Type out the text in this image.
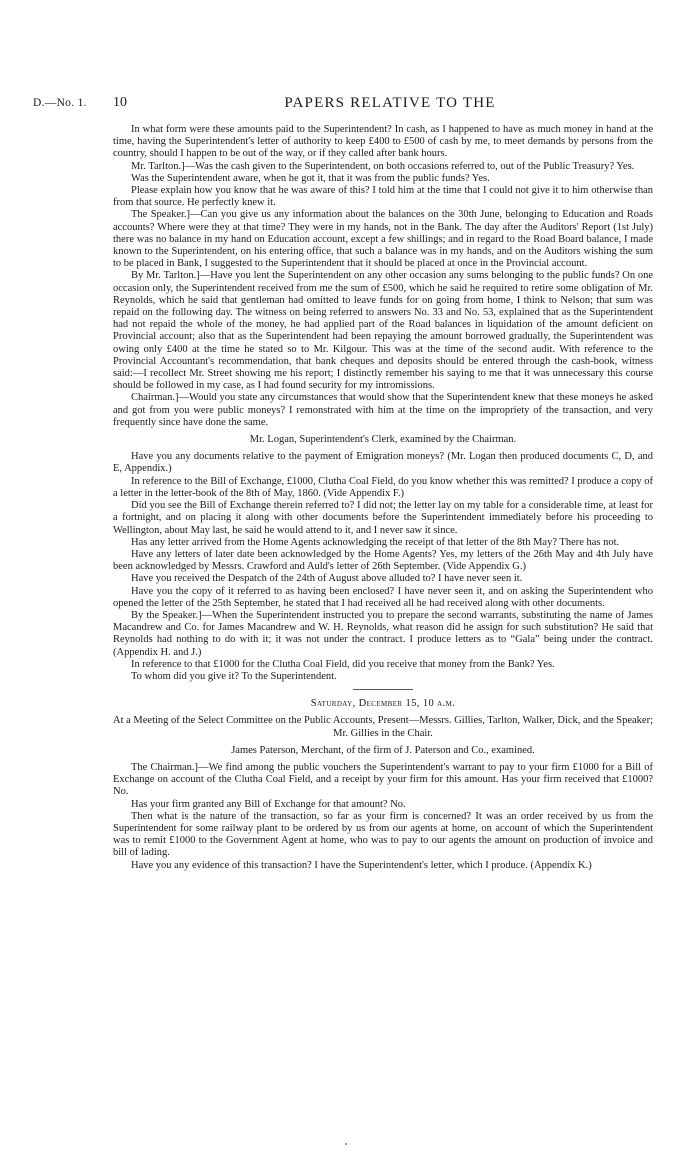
D.—No. 1. 10	PAPERS RELATIVE TO THE

In what form were these amounts paid to the Superintendent? In cash, as I happened to have as much money in hand at the time, having the Superintendent's letter of authority to keep £400 to £500 of cash by me, to meet demands by persons from the country, should I happen to be out of the way, or if they called after bank hours.

Mr. Tarlton.]—Was the cash given to the Superintendent, on both occasions referred to, out of the Public Treasury? Yes.

Was the Superintendent aware, when he got it, that it was from the public funds? Yes.

Please explain how you know that he was aware of this? I told him at the time that I could not give it to him otherwise than from that source. He perfectly knew it.

The Speaker.]—Can you give us any information about the balances on the 30th June, belonging to Education and Roads accounts? Where were they at that time? They were in my hands, not in the Bank. The day after the Auditors' Report (1st July) there was no balance in my hand on Education account, except a few shillings; and in regard to the Road Board balance, I made known to the Superintendent, on his entering office, that such a balance was in my hands, and on the Auditors wishing the sum to be placed in Bank, I suggested to the Superintendent that it should be placed at once in the Provincial account.

By Mr. Tarlton.]—Have you lent the Superintendent on any other occasion any sums belonging to the public funds? On one occasion only, the Superintendent received from me the sum of £500, which he said he required to retire some obligation of Mr. Reynolds, which he said that gentleman had omitted to leave funds for on going from home, I think to Nelson; that sum was repaid on the following day. The witness on being referred to answers No. 33 and No. 53, explained that as the Superintendent had not repaid the whole of the money, he had applied part of the Road balances in liquidation of the amount deficient on Provincial account; also that as the Superintendent had been repaying the amount borrowed gradually, the Superintendent was owing only £400 at the time he stated so to Mr. Kilgour. This was at the time of the second audit. With reference to the Provincial Accountant's recommendation, that bank cheques and deposits should be entered through the cash-book, witness said:—I recollect Mr. Street showing me his report; I distinctly remember his saying to me that it was unnecessary this course should be followed in my case, as I had found security for my intromissions.

Chairman.]—Would you state any circumstances that would show that the Superintendent knew that these moneys he asked and got from you were public moneys? I remonstrated with him at the time on the impropriety of the transaction, and very frequently since have done the same.

Mr. Logan, Superintendent's Clerk, examined by the Chairman.

Have you any documents relative to the payment of Emigration moneys? (Mr. Logan then produced documents C, D, and E, Appendix.)

In reference to the Bill of Exchange, £1000, Clutha Coal Field, do you know whether this was remitted? I produce a copy of a letter in the letter-book of the 8th of May, 1860. (Vide Appendix F.)

Did you see the Bill of Exchange therein referred to? I did not; the letter lay on my table for a considerable time, at least for a fortnight, and on placing it along with other documents before the Superintendent immediately before his proceeding to Wellington, about May last, he said he would attend to it, and I never saw it since.

Has any letter arrived from the Home Agents acknowledging the receipt of that letter of the 8th May? There has not.

Have any letters of later date been acknowledged by the Home Agents? Yes, my letters of the 26th May and 4th July have been acknowledged by Messrs. Crawford and Auld's letter of 26th September. (Vide Appendix G.)

Have you received the Despatch of the 24th of August above alluded to? I have never seen it.

Have you the copy of it referred to as having been enclosed? I have never seen it, and on asking the Superintendent who opened the letter of the 25th September, he stated that I had received all he had received along with other documents.

By the Speaker.]—When the Superintendent instructed you to prepare the second warrants, substituting the name of James Macandrew and Co. for James Macandrew and W. H. Reynolds, what reason did he assign for such substitution? He said that Reynolds had nothing to do with it; it was not under the contract. I produce letters as to “Gala” being under the contract. (Appendix H. and J.)

In reference to that £1000 for the Clutha Coal Field, did you receive that money from the Bank? Yes.

To whom did you give it? To the Superintendent.

Saturday, December 15, 10 a.m.

At a Meeting of the Select Committee on the Public Accounts, Present—Messrs. Gillies, Tarlton, Walker, Dick, and the Speaker; Mr. Gillies in the Chair.

James Paterson, Merchant, of the firm of J. Paterson and Co., examined.

The Chairman.]—We find among the public vouchers the Superintendent's warrant to pay to your firm £1000 for a Bill of Exchange on account of the Clutha Coal Field, and a receipt by your firm for this amount. Has your firm received that £1000? No.

Has your firm granted any Bill of Exchange for that amount? No.

Then what is the nature of the transaction, so far as your firm is concerned? It was an order received by us from the Superintendent for some railway plant to be ordered by us from our agents at home, on account of which the Superintendent was to remit £1000 to the Government Agent at home, who was to pay to our agents the amount on production of invoice and bill of lading.

Have you any evidence of this transaction? I have the Superintendent's letter, which I produce. (Appendix K.)
